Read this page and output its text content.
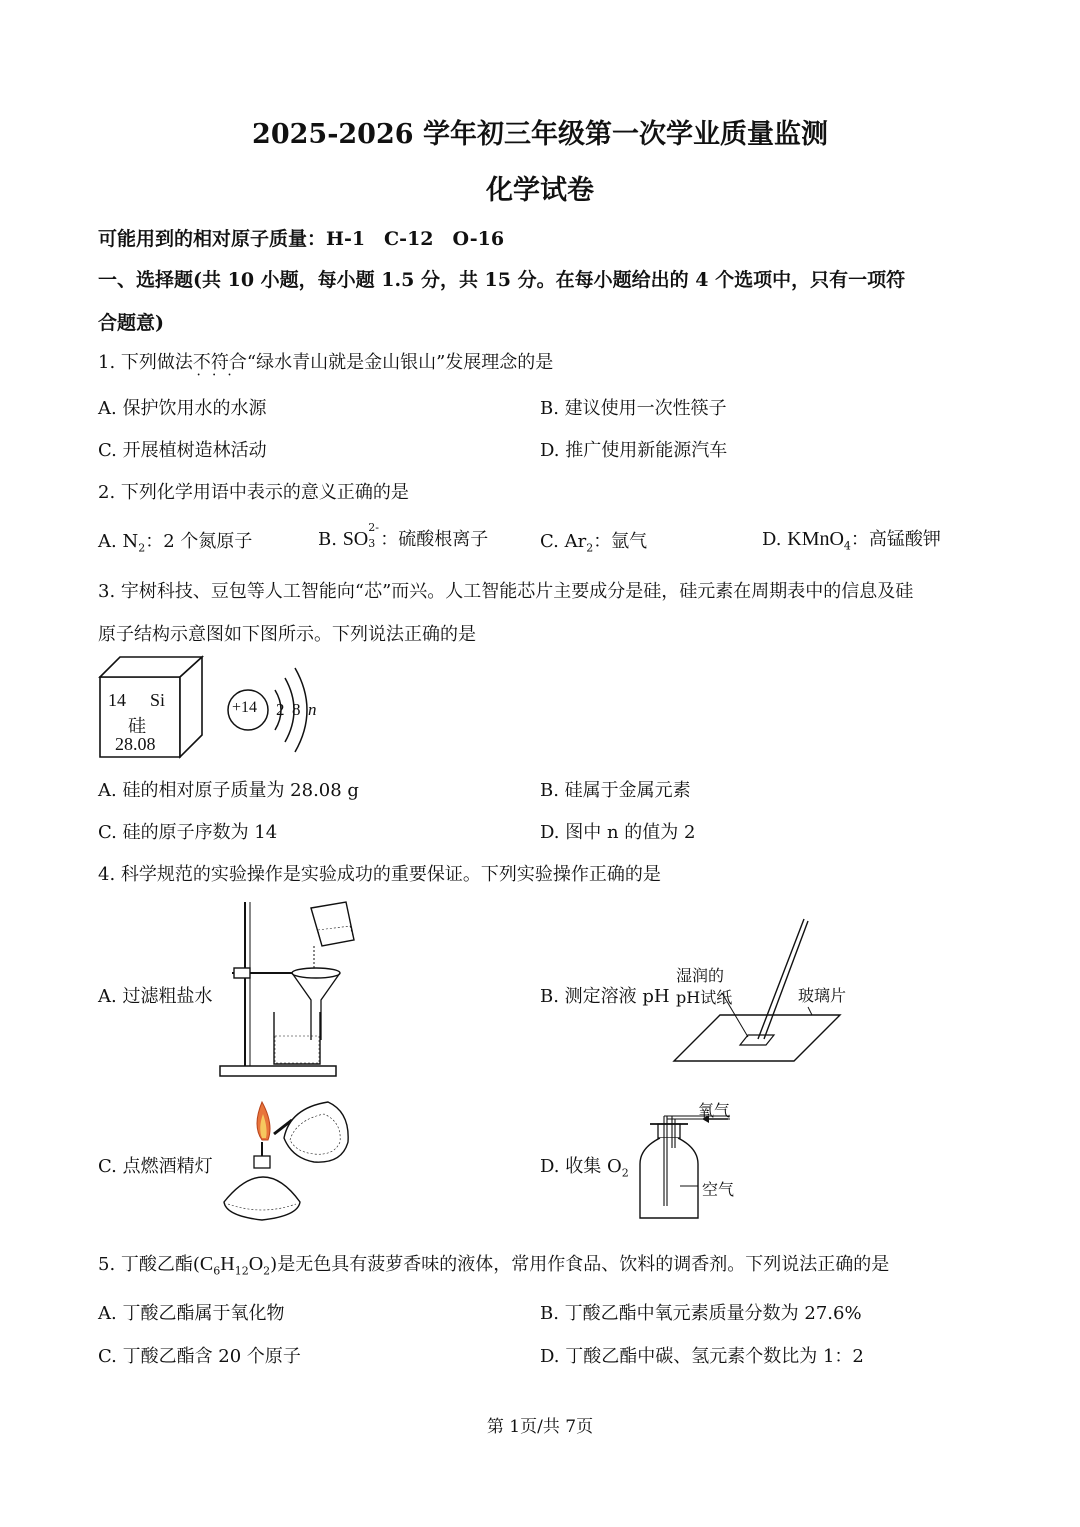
2025-2026 学年初三年级第一次学业质量监测
化学试卷
可能用到的相对原子质量：H-1　C-12　O-16
一、选择题(共 10 小题，每小题 1.5 分，共 15 分。在每小题给出的 4 个选项中，只有一项符
合题意)
1. 下列做法不符合 • • •“绿水青山就是金山银山”发展理念的是
A. 保护饮用水的水源	B. 建议使用一次性筷子
C. 开展植树造林活动	D. 推广使用新能源汽车
2. 下列化学用语中表示的意义正确的是
A. $N_2$：2 个氮原子	B. SO
2-
3 ：硫酸根离子	C. $Ar_2$：氩气	D. KMnO$_4$：高锰酸钾
3. 宇树科技、豆包等人工智能向“芯”而兴。人工智能芯片主要成分是硅，硅元素在周期表中的信息及硅
原子结构示意图如下图所示。下列说法正确的是
14 Si
硅
28.08
+14 2 8 n
A. 硅的相对原子质量为 28.08 g	B. 硅属于金属元素
C. 硅的原子序数为 14	D. 图中 n 的值为 2
4. 科学规范的实验操作是实验成功的重要保证。下列实验操作正确的是
A. 过滤粗盐水
湿润的
pH试纸	玻璃片
B. 测定溶液 pH
C. 点燃酒精灯
氧气
空气
D. 收集 $O_2$
5. 丁酸乙酯$(C_6H_{12}O_2)$是无色具有菠萝香味的液体，常用作食品、饮料的调香剂。下列说法正确的是
A. 丁酸乙酯属于氧化物	B. 丁酸乙酯中氧元素质量分数为 27.6%
C. 丁酸乙酯含 20 个原子	D. 丁酸乙酯中碳、氢元素个数比为 1：2
第 1页/共 7页
